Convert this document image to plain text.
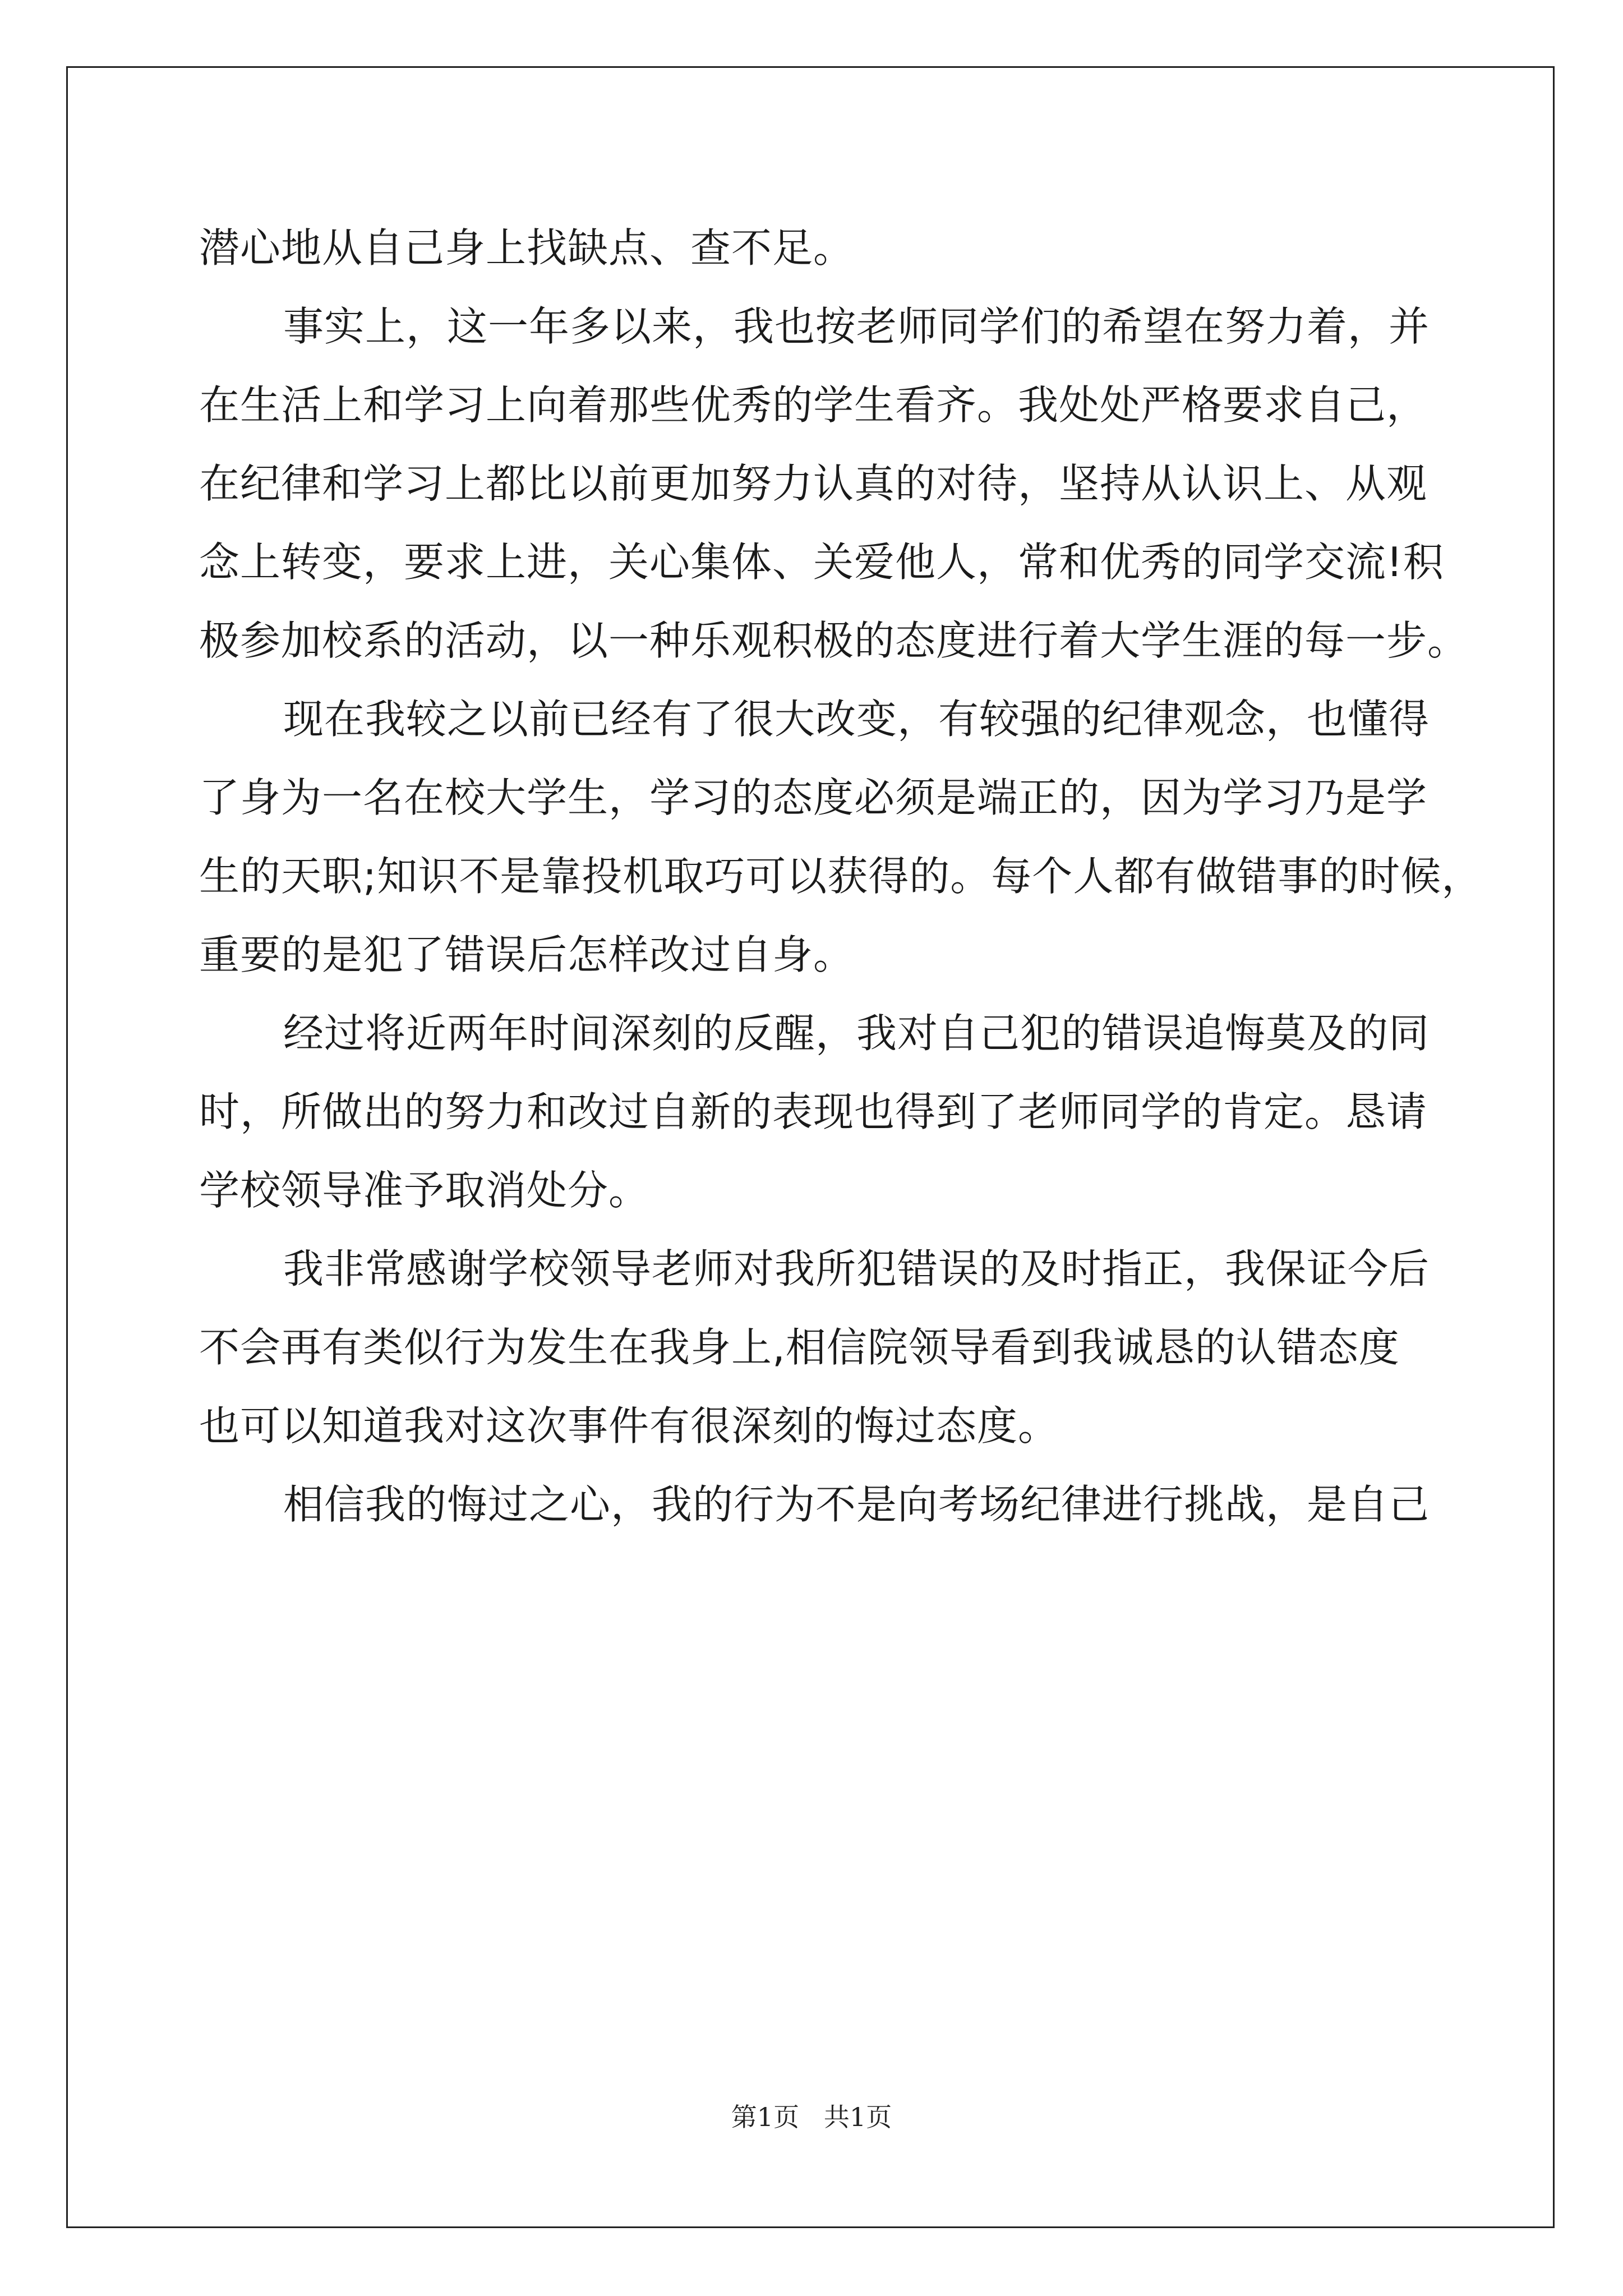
潜心地从自己身上找缺点、查不足。
事实上，这一年多以来，我也按老师同学们的希望在努力着，并
在生活上和学习上向着那些优秀的学生看齐。我处处严格要求自己，
在纪律和学习上都比以前更加努力认真的对待，坚持从认识上、从观
念上转变，要求上进，关心集体、关爱他人，常和优秀的同学交流!积
极参加校系的活动，以一种乐观积极的态度进行着大学生涯的每一步。
现在我较之以前已经有了很大改变，有较强的纪律观念，也懂得
了身为一名在校大学生，学习的态度必须是端正的，因为学习乃是学
生的天职;知识不是靠投机取巧可以获得的。每个人都有做错事的时候，
重要的是犯了错误后怎样改过自身。
经过将近两年时间深刻的反醒，我对自己犯的错误追悔莫及的同
时，所做出的努力和改过自新的表现也得到了老师同学的肯定。恳请
学校领导准予取消处分。
我非常感谢学校领导老师对我所犯错误的及时指正，我保证今后
不会再有类似行为发生在我身上,相信院领导看到我诚恳的认错态度
也可以知道我对这次事件有很深刻的悔过态度。
相信我的悔过之心，我的行为不是向考场纪律进行挑战，是自己
第1页   共1页
